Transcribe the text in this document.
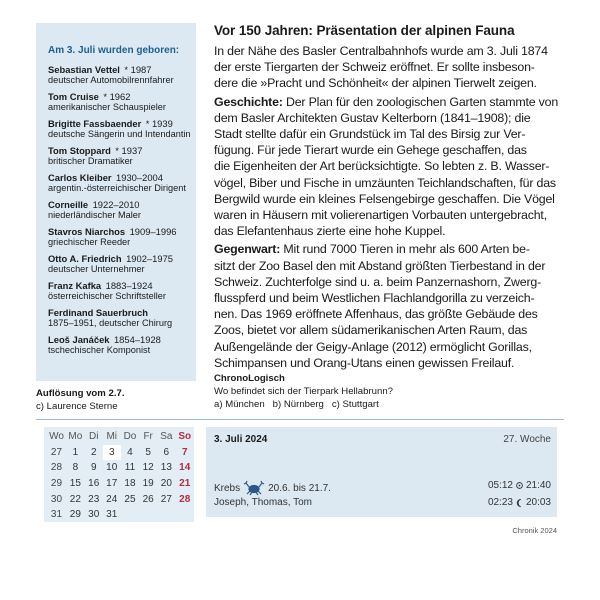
Am 3. Juli wurden geboren:
Sebastian Vettel * 1987
deutscher Automobilrennfahrer
Tom Cruise * 1962
amerikanischer Schauspieler
Brigitte Fassbaender * 1939
deutsche Sängerin und Intendantin
Tom Stoppard * 1937
britischer Dramatiker
Carlos Kleiber 1930–2004
argentin.-österreichischer Dirigent
Corneille 1922–2010
niederländischer Maler
Stavros Niarchos 1909–1996
griechischer Reeder
Otto A. Friedrich 1902–1975
deutscher Unternehmer
Franz Kafka 1883–1924
österreichischer Schriftsteller
Ferdinand Sauerbruch
1875–1951, deutscher Chirurg
Leoš Janáček 1854–1928
tschechischer Komponist
Vor 150 Jahren: Präsentation der alpinen Fauna

In der Nähe des Basler Centralbahnhofs wurde am 3. Juli 1874
der erste Tiergarten der Schweiz eröffnet. Er sollte insbeson-
dere die »Pracht und Schönheit« der alpinen Tierwelt zeigen.

Geschichte: Der Plan für den zoologischen Garten stammte von
dem Basler Architekten Gustav Kelterborn (1841–1908); die
Stadt stellte dafür ein Grundstück im Tal des Birsig zur Ver-
fügung. Für jede Tierart wurde ein Gehege geschaffen, das
die Eigenheiten der Art berücksichtigte. So lebten z. B. Wasser-
vögel, Biber und Fische in umzäunten Teichlandschaften, für das
Bergwild wurde ein kleines Felsengebirge geschaffen. Die Vögel
waren in Häusern mit volierenartigen Vorbauten untergebracht,
das Elefantenhaus zierte eine hohe Kuppel.

Gegenwart: Mit rund 7000 Tieren in mehr als 600 Arten be-
sitzt der Zoo Basel den mit Abstand größten Tierbestand in der
Schweiz. Zuchterfolge sind u. a. beim Panzernashorn, Zwerg-
flusspferd und beim Westlichen Flachlandgorilla zu verzeich-
nen. Das 1969 eröffnete Affenhaus, das größte Gebäude des
Zoos, bietet vor allem südamerikanischen Arten Raum, das
Außengelände der Geigy-Anlage (2012) ermöglicht Gorillas,
Schimpansen und Orang-Utans einen gewissen Freilauf.

Auflösung vom 2.7.
c) Laurence Sterne
ChronoLogisch
Wo befindet sich der Tierpark Hellabrunn?
a) München   b) Nürnberg   c) Stuttgart
Wo	Mo	Di	Mi	Do	Fr	Sa	So
27	1	2	3	4	5	6	7
28	8	9	10	11	12	13	14
29	15	16	17	18	19	20	21
30	22	23	24	25	26	27	28
31	29	30	31				
3. Juli 2024	27. Woche
Krebs	20.6. bis 21.7.
Joseph, Thomas, Tom
05:12 21:40
02:23 20:03
Chronik 2024
